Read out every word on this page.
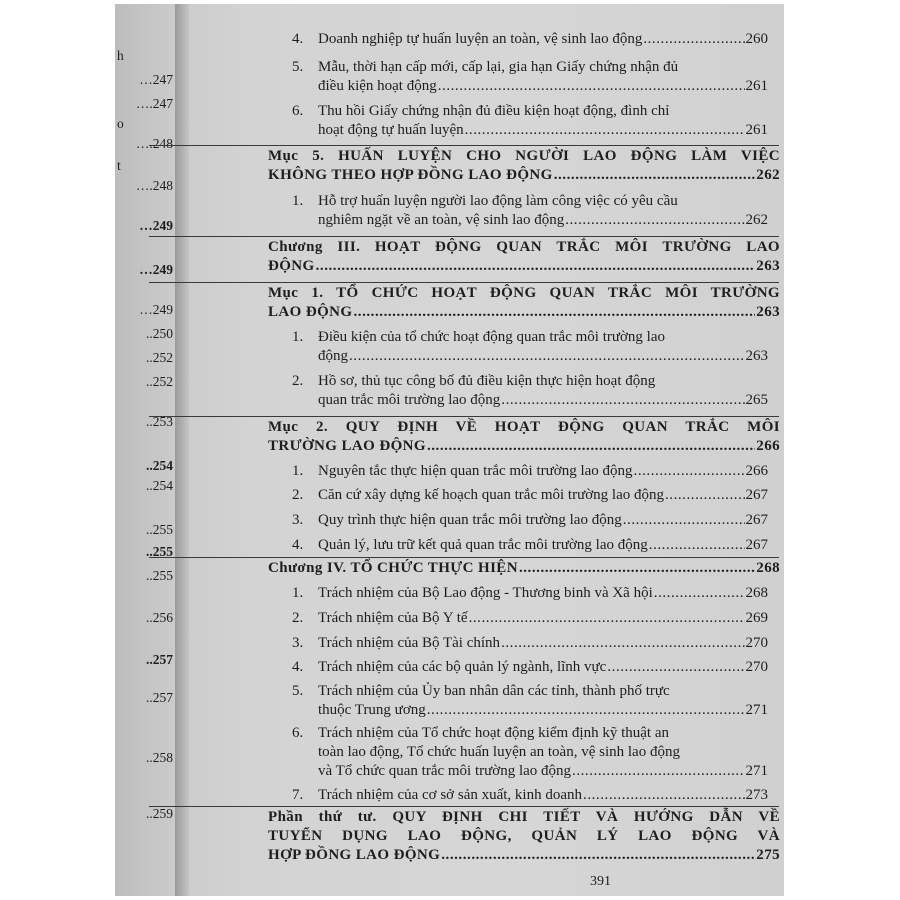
h
…247
….247
o
….248
t
….248
…249
…249
…249
..250
..252
..252
..253
..254
..254
..255
..255
..255
..256
..257
..257
..258
..259
4. Doanh nghiệp tự huấn luyện an toàn, vệ sinh lao động . . .	260
5. Mẫu, thời hạn cấp mới, cấp lại, gia hạn Giấy chứng nhận đủ
điều kiện hoạt động . . .	261
6. Thu hồi Giấy chứng nhận đủ điều kiện hoạt động, đình chỉ
hoạt động tự huấn luyện . . .	261
Mục 5. HUẤN LUYỆN CHO NGƯỜI LAO ĐỘNG LÀM VIỆC
KHÔNG THEO HỢP ĐỒNG LAO ĐỘNG . . .	262
1. Hỗ trợ huấn luyện người lao động làm công việc có yêu cầu
nghiêm ngặt về an toàn, vệ sinh lao động . . .	262
Chương III. HOẠT ĐỘNG QUAN TRẮC MÔI TRƯỜNG LAO
ĐỘNG . . .	263
Mục 1. TỔ CHỨC HOẠT ĐỘNG QUAN TRẮC MÔI TRƯỜNG
LAO ĐỘNG . . .	263
1. Điều kiện của tổ chức hoạt động quan trắc môi trường lao
động . . .	263
2. Hồ sơ, thủ tục công bố đủ điều kiện thực hiện hoạt động
quan trắc môi trường lao động . . .	265
Mục 2. QUY ĐỊNH VỀ HOẠT ĐỘNG QUAN TRẮC MÔI
TRƯỜNG LAO ĐỘNG . . .	266
1. Nguyên tắc thực hiện quan trắc môi trường lao động . . .	266
2. Căn cứ xây dựng kế hoạch quan trắc môi trường lao động . . .	267
3. Quy trình thực hiện quan trắc môi trường lao động . . .	267
4. Quản lý, lưu trữ kết quả quan trắc môi trường lao động . . .	267
Chương IV. TỔ CHỨC THỰC HIỆN . . .	268
1. Trách nhiệm của Bộ Lao động - Thương binh và Xã hội . . .	268
2. Trách nhiệm của Bộ Y tế . . .	269
3. Trách nhiệm của Bộ Tài chính . . .	270
4. Trách nhiệm của các bộ quản lý ngành, lĩnh vực . . .	270
5. Trách nhiệm của Ủy ban nhân dân các tỉnh, thành phố trực
thuộc Trung ương . . .	271
6. Trách nhiệm của Tổ chức hoạt động kiểm định kỹ thuật an
toàn lao động, Tổ chức huấn luyện an toàn, vệ sinh lao động
và Tổ chức quan trắc môi trường lao động . . .	271
7. Trách nhiệm của cơ sở sản xuất, kinh doanh . . .	273
Phần thứ tư. QUY ĐỊNH CHI TIẾT VÀ HƯỚNG DẪN VỀ
TUYỂN DỤNG LAO ĐỘNG, QUẢN LÝ LAO ĐỘNG VÀ
HỢP ĐỒNG LAO ĐỘNG . . .	275
391
